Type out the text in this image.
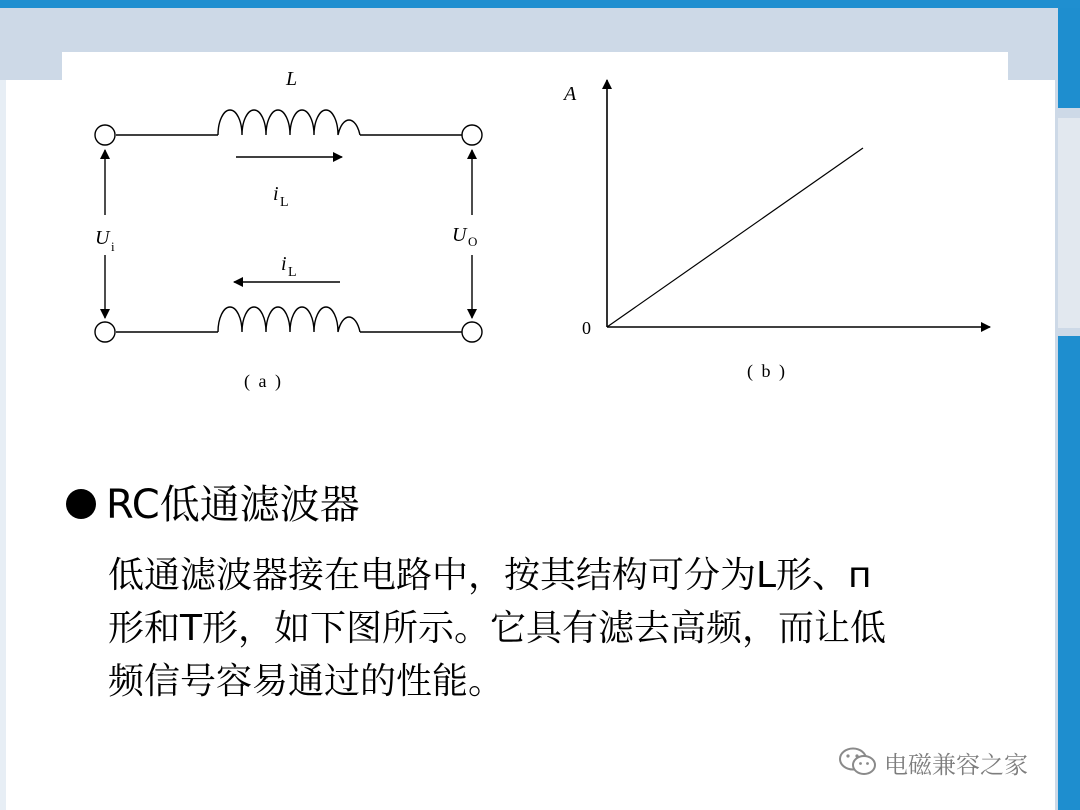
L
i L
i L
U i
U O
( a )
A
0
( b )
RC低通滤波器
低通滤波器接在电路中，按其结构可分为L形、п
形和T形，如下图所示。它具有滤去高频，而让低
频信号容易通过的性能。
电磁兼容之家
